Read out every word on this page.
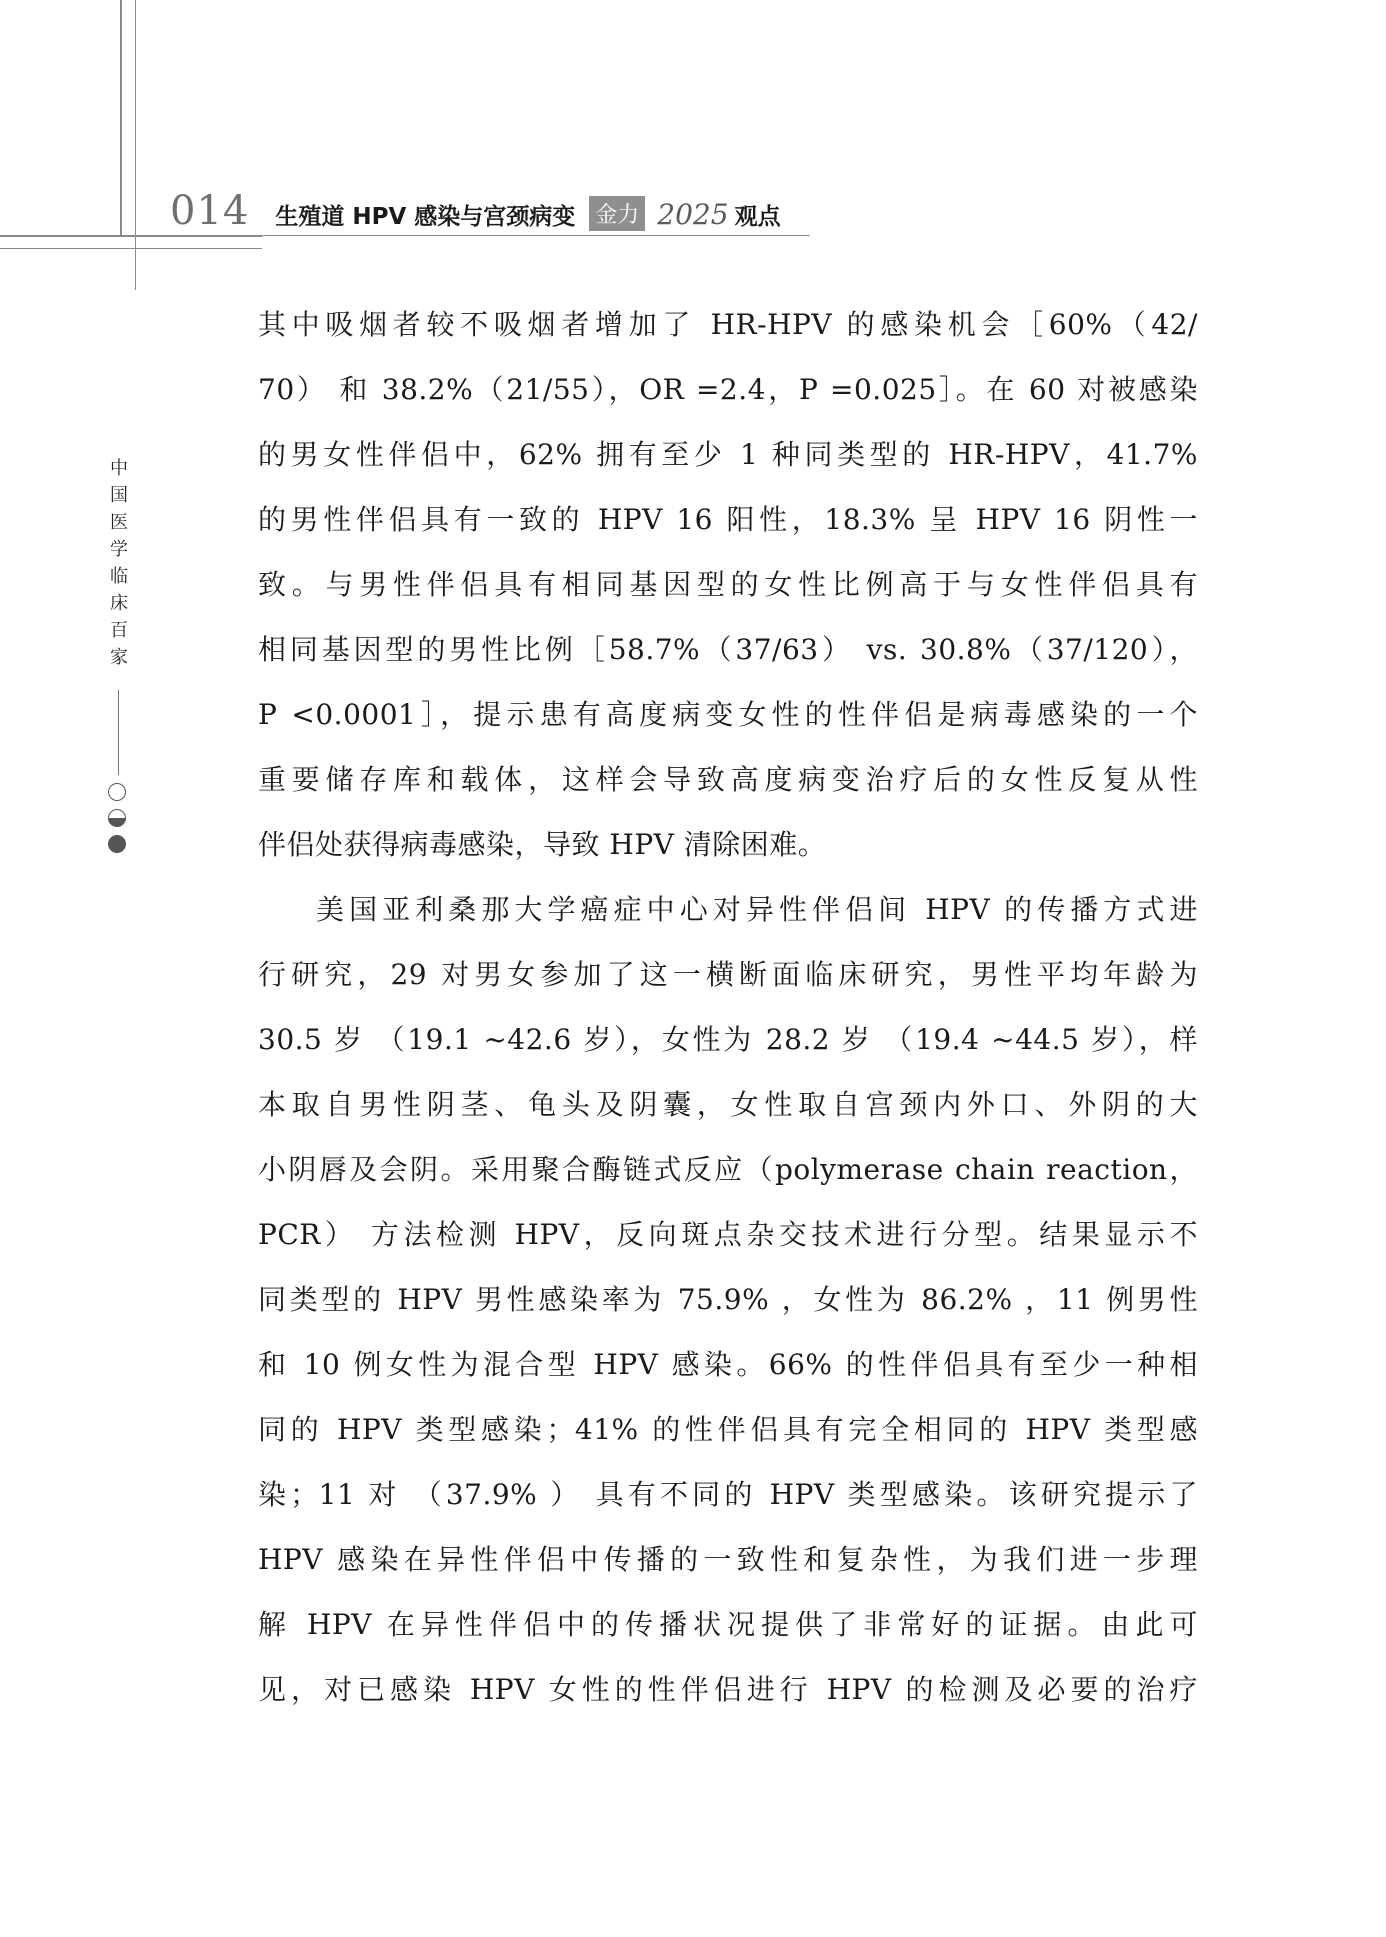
014 生殖道 HPV 感染与宫颈病变 金力 2025 观点
中国医学临床百家
其中吸烟者较不吸烟者增加了 HR-HPV 的感染机会［60%（42/
70） 和 38.2%（21/55），OR =2.4，P =0.025］。在 60 对被感染
的男女性伴侣中，62% 拥有至少 1 种同类型的 HR-HPV，41.7%
的男性伴侣具有一致的 HPV 16 阳性，18.3% 呈 HPV 16 阴性一
致。与男性伴侣具有相同基因型的女性比例高于与女性伴侣具有
相同基因型的男性比例［58.7%（37/63） vs. 30.8%（37/120），
P <0.0001］，提示患有高度病变女性的性伴侣是病毒感染的一个
重要储存库和载体，这样会导致高度病变治疗后的女性反复从性
伴侣处获得病毒感染，导致 HPV 清除困难。
美国亚利桑那大学癌症中心对异性伴侣间 HPV 的传播方式进
行研究，29 对男女参加了这一横断面临床研究，男性平均年龄为
30.5 岁 （19.1 ~42.6 岁），女性为 28.2 岁 （19.4 ~44.5 岁），样
本取自男性阴茎、龟头及阴囊，女性取自宫颈内外口、外阴的大
小阴唇及会阴。采用聚合酶链式反应（polymerase chain reaction，
PCR） 方法检测 HPV，反向斑点杂交技术进行分型。结果显示不
同类型的 HPV 男性感染率为 75.9% ，女性为 86.2% ，11 例男性
和 10 例女性为混合型 HPV 感染。66% 的性伴侣具有至少一种相
同的 HPV 类型感染；41% 的性伴侣具有完全相同的 HPV 类型感
染；11 对 （37.9% ） 具有不同的 HPV 类型感染。该研究提示了
HPV 感染在异性伴侣中传播的一致性和复杂性，为我们进一步理
解 HPV 在异性伴侣中的传播状况提供了非常好的证据。由此可
见，对已感染 HPV 女性的性伴侣进行 HPV 的检测及必要的治疗
